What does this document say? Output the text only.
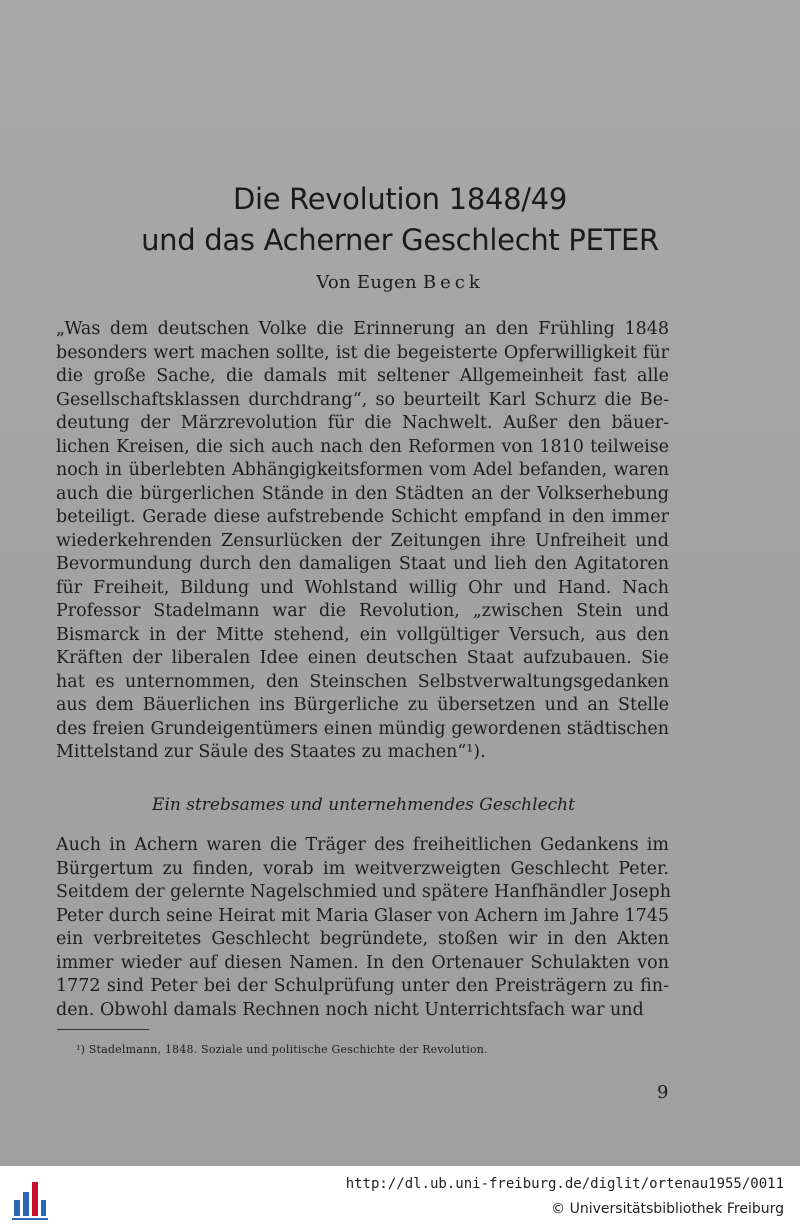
Die Revolution 1848/49
und das Acherner Geschlecht PETER
Von Eugen Beck
„Was dem deutschen Volke die Erinnerung an den Frühling 1848
besonders wert machen sollte, ist die begeisterte Opferwilligkeit für
die große Sache, die damals mit seltener Allgemeinheit fast alle
Gesellschaftsklassen durchdrang“, so beurteilt Karl Schurz die Be-
deutung der Märzrevolution für die Nachwelt. Außer den bäuer-
lichen Kreisen, die sich auch nach den Reformen von 1810 teilweise
noch in überlebten Abhängigkeitsformen vom Adel befanden, waren
auch die bürgerlichen Stände in den Städten an der Volkserhebung
beteiligt. Gerade diese aufstrebende Schicht empfand in den immer
wiederkehrenden Zensurlücken der Zeitungen ihre Unfreiheit und
Bevormundung durch den damaligen Staat und lieh den Agitatoren
für Freiheit, Bildung und Wohlstand willig Ohr und Hand. Nach
Professor Stadelmann war die Revolution, „zwischen Stein und
Bismarck in der Mitte stehend, ein vollgültiger Versuch, aus den
Kräften der liberalen Idee einen deutschen Staat aufzubauen. Sie
hat es unternommen, den Steinschen Selbstverwaltungsgedanken
aus dem Bäuerlichen ins Bürgerliche zu übersetzen und an Stelle
des freien Grundeigentümers einen mündig gewordenen städtischen
Mittelstand zur Säule des Staates zu machen“¹).
Ein strebsames und unternehmendes Geschlecht
Auch in Achern waren die Träger des freiheitlichen Gedankens im
Bürgertum zu finden, vorab im weitverzweigten Geschlecht Peter.
Seitdem der gelernte Nagelschmied und spätere Hanfhändler Joseph
Peter durch seine Heirat mit Maria Glaser von Achern im Jahre 1745
ein verbreitetes Geschlecht begründete, stoßen wir in den Akten
immer wieder auf diesen Namen. In den Ortenauer Schulakten von
1772 sind Peter bei der Schulprüfung unter den Preisträgern zu fin-
den. Obwohl damals Rechnen noch nicht Unterrichtsfach war und
¹) Stadelmann, 1848. Soziale und politische Geschichte der Revolution.
9
http://dl.ub.uni-freiburg.de/diglit/ortenau1955/0011
© Universitätsbibliothek Freiburg
